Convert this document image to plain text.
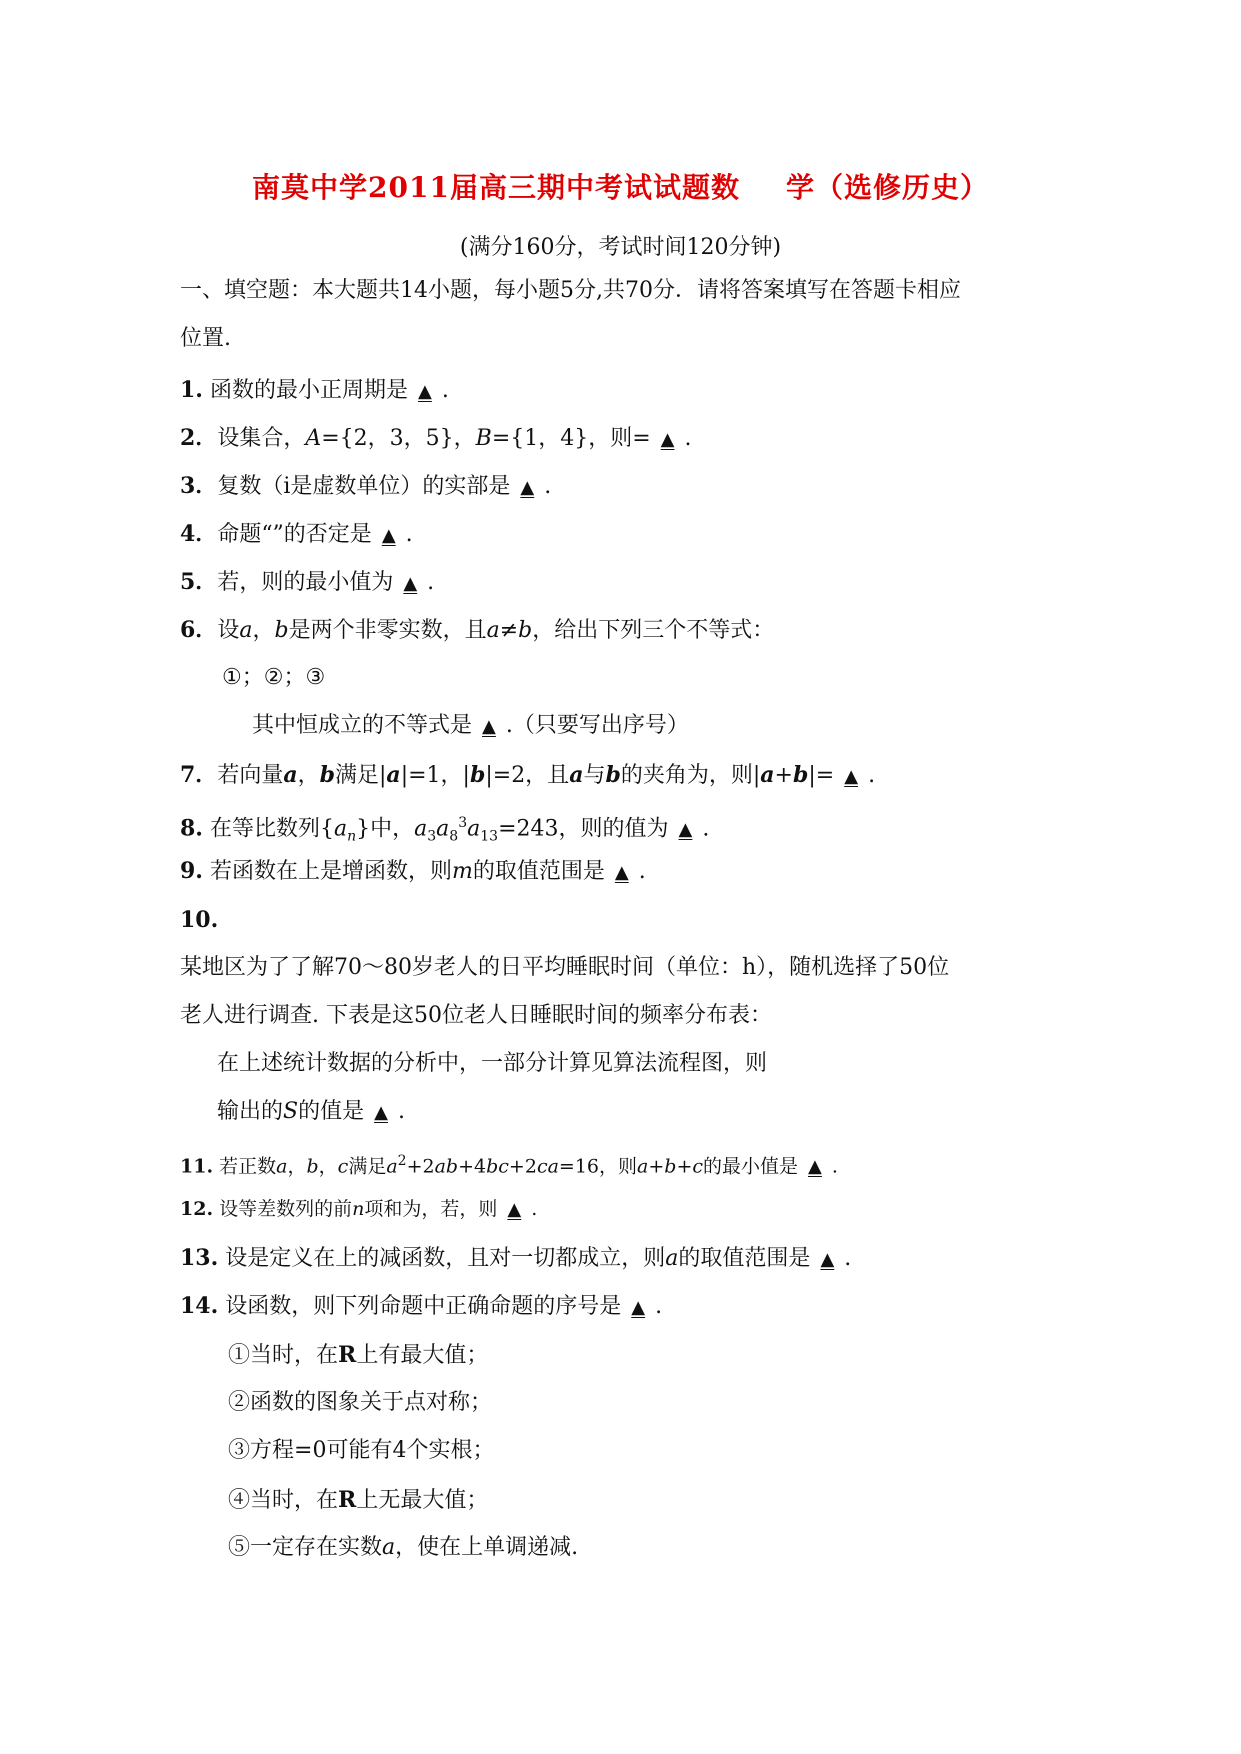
南莫中学2011届高三期中考试试题数 学（选修历史）
(满分160分，考试时间120分钟)
一、填空题：本大题共14小题，每小题5分,共70分．请将答案填写在答题卡相应
位置.
1. 函数的最小正周期是 ▲ .
2．设集合，A={2，3，5}，B={1，4}，则= ▲ .
3．复数（i是虚数单位）的实部是 ▲ .
4．命题“”的否定是 ▲ .
5．若，则的最小值为 ▲ .
6．设a，b是两个非零实数，且a≠b，给出下列三个不等式：
①；②；③
其中恒成立的不等式是 ▲ .（只要写出序号）
7．若向量a，b满足|a|=1，|b|=2，且a与b的夹角为，则|a+b|= ▲ .
8. 在等比数列$\{a_n\}$中，$a_3a_8^3a_{13}=243$，则的值为 ▲ .
9. 若函数在上是增函数，则m的取值范围是 ▲ .
10.
某地区为了了解70～80岁老人的日平均睡眠时间（单位：h），随机选择了50位
老人进行调查. 下表是这50位老人日睡眠时间的频率分布表：
在上述统计数据的分析中，一部分计算见算法流程图，则
输出的S的值是 ▲ .
11. 若正数a，b，c满足$a^2+2ab+4bc+2ca=16$，则a+b+c的最小值是 ▲ .
12. 设等差数列的前n项和为，若，则 ▲ .
13. 设是定义在上的减函数，且对一切都成立，则a的取值范围是 ▲ .
14. 设函数，则下列命题中正确命题的序号是 ▲ .
①当时，在R上有最大值；
②函数的图象关于点对称；
③方程=0可能有4个实根；
④当时，在R上无最大值；
⑤一定存在实数a，使在上单调递减.
